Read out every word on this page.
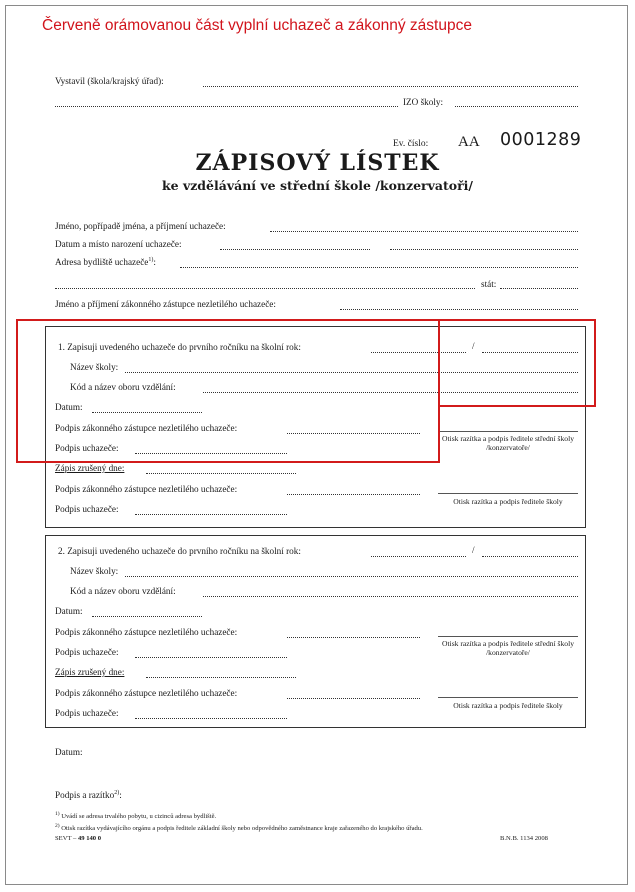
Červeně orámovanou část vyplní uchazeč a zákonný zástupce
Vystavil (škola/krajský úřad):
IZO školy:
Ev. číslo: AA 0001289
ZÁPISOVÝ LÍSTEK
ke vzdělávání ve střední škole /konzervatoři/
Jméno, popřípadě jména, a příjmení uchazeče:
Datum a místo narození uchazeče:
Adresa bydliště uchazeče$^{1)}$:
stát:
Jméno a příjmení zákonného zástupce nezletilého uchazeče:
1. Zapisuji uvedeného uchazeče do prvního ročníku na školní rok:	/
Název školy:
Kód a název oboru vzdělání:
Datum:
Podpis zákonného zástupce nezletilého uchazeče:
Podpis uchazeče:
Otisk razítka a podpis ředitele střední školy /konzervatoře/
Zápis zrušený dne:
Podpis zákonného zástupce nezletilého uchazeče:
Podpis uchazeče:
Otisk razítka a podpis ředitele školy
2. Zapisuji uvedeného uchazeče do prvního ročníku na školní rok:	/
Název školy:
Kód a název oboru vzdělání:
Datum:
Podpis zákonného zástupce nezletilého uchazeče:
Podpis uchazeče:
Otisk razítka a podpis ředitele střední školy /konzervatoře/
Zápis zrušený dne:
Podpis zákonného zástupce nezletilého uchazeče:
Podpis uchazeče:
Otisk razítka a podpis ředitele školy
Datum:
Podpis a razítko$^{2)}$:
$^{1)}$ Uvádí se adresa trvalého pobytu, u cizinců adresa bydliště.
$^{2)}$ Otisk razítka vydávajícího orgánu a podpis ředitele základní školy nebo odpovědného zaměstnance kraje zařazeného do krajského úřadu.
SEVT – 49 140 0	B.N.B. 1134 2008
